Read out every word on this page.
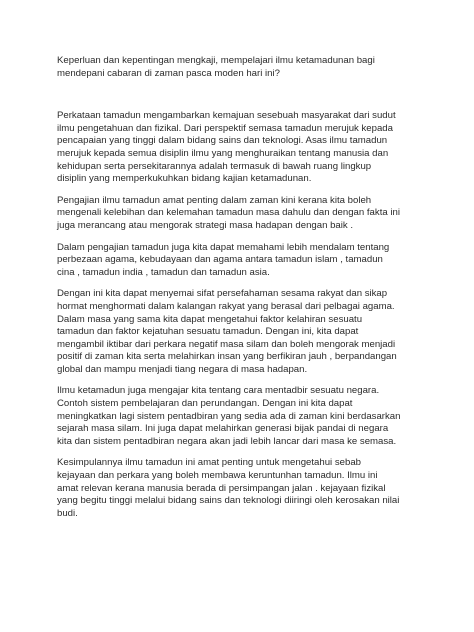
Keperluan dan kepentingan mengkaji, mempelajari ilmu ketamadunan bagi
mendepani cabaran di zaman pasca moden hari ini?

Perkataan tamadun mengambarkan kemajuan sesebuah masyarakat dari sudut
ilmu pengetahuan dan fizikal. Dari perspektif semasa tamadun merujuk kepada
pencapaian yang tinggi dalam bidang sains dan teknologi. Asas ilmu tamadun
merujuk kepada semua disiplin ilmu yang menghuraikan tentang manusia dan
kehidupan serta persekitarannya adalah termasuk di bawah ruang lingkup
disiplin yang memperkukuhkan bidang kajian ketamadunan.

Pengajian ilmu tamadun amat penting dalam zaman kini kerana kita boleh
mengenali kelebihan dan kelemahan tamadun masa dahulu dan dengan fakta ini
juga merancang atau mengorak strategi masa hadapan dengan baik .

Dalam pengajian tamadun juga kita dapat memahami lebih mendalam tentang
perbezaan agama, kebudayaan dan agama antara tamadun islam , tamadun
cina , tamadun india , tamadun dan tamadun asia.

Dengan ini kita dapat menyemai sifat persefahaman sesama rakyat dan sikap
hormat menghormati dalam kalangan rakyat yang berasal dari pelbagai agama.
Dalam masa yang sama kita dapat mengetahui faktor kelahiran sesuatu
tamadun dan faktor kejatuhan sesuatu tamadun. Dengan ini, kita dapat
mengambil iktibar dari perkara negatif masa silam dan boleh mengorak menjadi
positif di zaman kita serta melahirkan insan yang berfikiran jauh , berpandangan
global dan mampu menjadi tiang negara di masa hadapan.

Ilmu ketamadun juga mengajar kita tentang cara mentadbir sesuatu negara.
Contoh sistem pembelajaran dan perundangan. Dengan ini kita dapat
meningkatkan lagi sistem pentadbiran yang sedia ada di zaman kini berdasarkan
sejarah masa silam. Ini juga dapat melahirkan generasi bijak pandai di negara
kita dan sistem pentadbiran negara akan jadi lebih lancar dari masa ke semasa.

Kesimpulannya ilmu tamadun ini amat penting untuk mengetahui sebab
kejayaan dan perkara yang boleh membawa keruntunhan tamadun. Ilmu ini
amat relevan kerana manusia berada di persimpangan jalan . kejayaan fizikal
yang begitu tinggi melalui bidang sains dan teknologi diiringi oleh kerosakan nilai
budi.
